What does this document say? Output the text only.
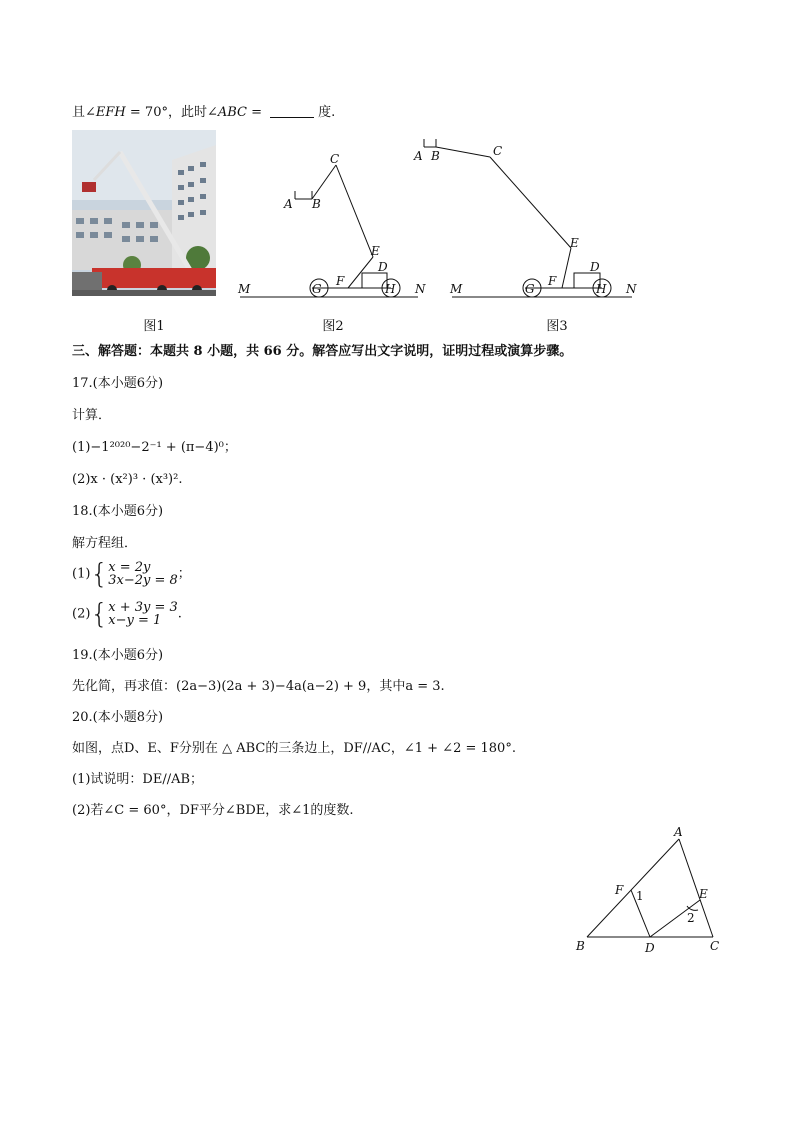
且∠EFH = 70°，此时∠ABC =	度.
图1
C
A B
E
D
F
G	H
M	N
图2
C
A B
E
D
F
G	H
M	N
图3
三、解答题：本题共 8 小题，共 66 分。解答应写出文字说明，证明过程或演算步骤。
17.(本小题6分)
计算．
(1)−1²⁰²⁰−2⁻¹ + (π−4)⁰；
(2)x · (x²)³ · (x³)².
18.(本小题6分)
解方程组．
(1){x = 2y
3x−2y = 8；
(2){x + 3y = 3
x−y = 1 .
19.(本小题6分)
先化简，再求值：(2a−3)(2a + 3)−4a(a−2) + 9，其中a = 3.
20.(本小题8分)
如图，点D、E、F分别在 △ ABC的三条边上，DF//AC，∠1 + ∠2 = 180°.
(1)试说明：DE//AB；
(2)若∠C = 60°，DF平分∠BDE，求∠1的度数.
A
B	C
D
E
F 1
2
